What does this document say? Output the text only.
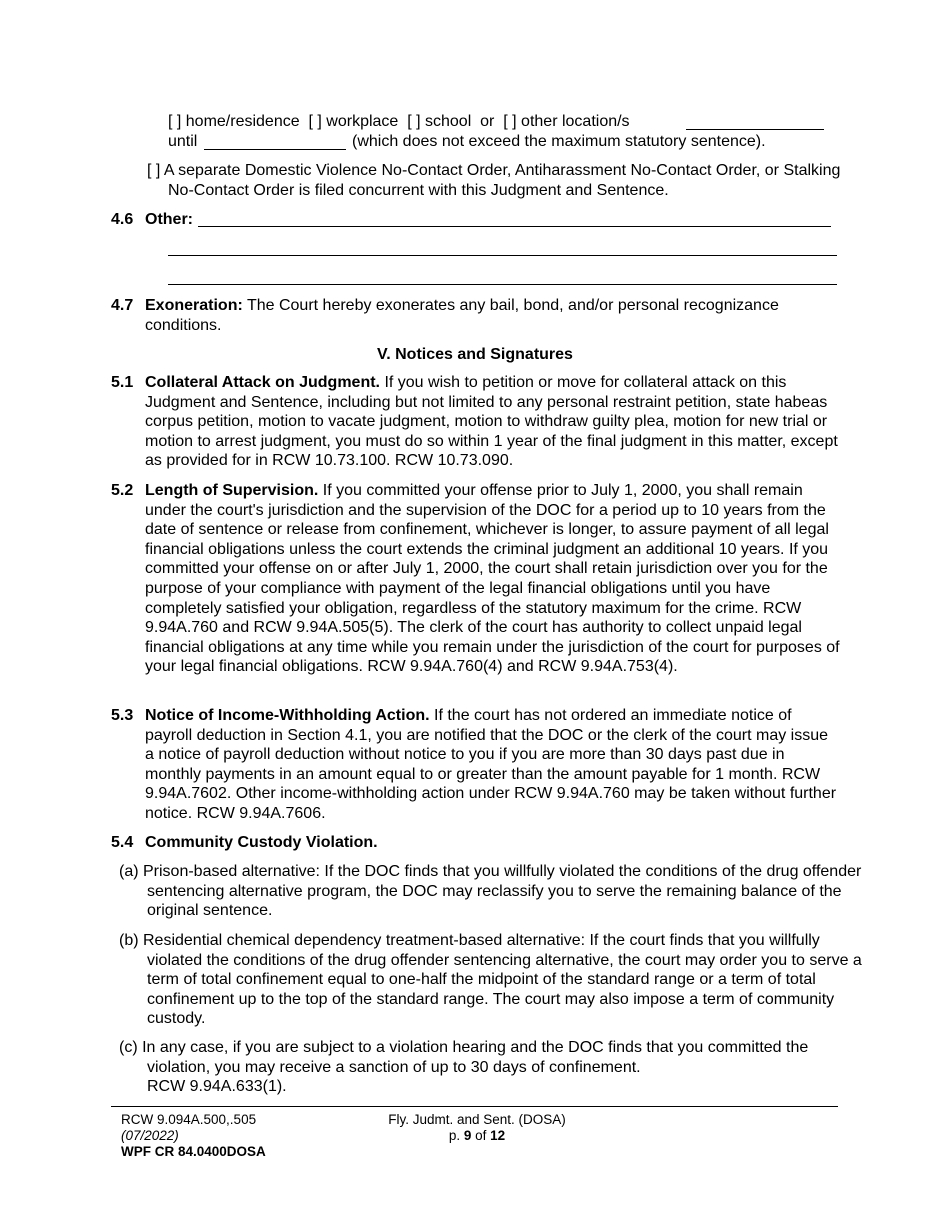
[ ] home/residence [ ] workplace [ ] school or [ ] other location/s
until	(which does not exceed the maximum statutory sentence).
[ ] A separate Domestic Violence No-Contact Order, Antiharassment No-Contact Order, or Stalking No-Contact Order is filed concurrent with this Judgment and Sentence.
4.6 Other:
4.7 Exoneration: The Court hereby exonerates any bail, bond, and/or personal recognizance conditions.
V. Notices and Signatures
5.1 Collateral Attack on Judgment. If you wish to petition or move for collateral attack on this Judgment and Sentence, including but not limited to any personal restraint petition, state habeas corpus petition, motion to vacate judgment, motion to withdraw guilty plea, motion for new trial or motion to arrest judgment, you must do so within 1 year of the final judgment in this matter, except as provided for in RCW 10.73.100. RCW 10.73.090.
5.2 Length of Supervision. If you committed your offense prior to July 1, 2000, you shall remain under the court's jurisdiction and the supervision of the DOC for a period up to 10 years from the date of sentence or release from confinement, whichever is longer, to assure payment of all legal financial obligations unless the court extends the criminal judgment an additional 10 years. If you committed your offense on or after July 1, 2000, the court shall retain jurisdiction over you for the purpose of your compliance with payment of the legal financial obligations until you have completely satisfied your obligation, regardless of the statutory maximum for the crime. RCW 9.94A.760 and RCW 9.94A.505(5). The clerk of the court has authority to collect unpaid legal financial obligations at any time while you remain under the jurisdiction of the court for purposes of your legal financial obligations. RCW 9.94A.760(4) and RCW 9.94A.753(4).
5.3 Notice of Income-Withholding Action. If the court has not ordered an immediate notice of payroll deduction in Section 4.1, you are notified that the DOC or the clerk of the court may issue a notice of payroll deduction without notice to you if you are more than 30 days past due in monthly payments in an amount equal to or greater than the amount payable for 1 month. RCW 9.94A.7602. Other income-withholding action under RCW 9.94A.760 may be taken without further notice. RCW 9.94A.7606.
5.4 Community Custody Violation.
(a) Prison-based alternative: If the DOC finds that you willfully violated the conditions of the drug offender sentencing alternative program, the DOC may reclassify you to serve the remaining balance of the original sentence.
(b) Residential chemical dependency treatment-based alternative: If the court finds that you willfully violated the conditions of the drug offender sentencing alternative, the court may order you to serve a term of total confinement equal to one-half the midpoint of the standard range or a term of total confinement up to the top of the standard range. The court may also impose a term of community custody.
(c) In any case, if you are subject to a violation hearing and the DOC finds that you committed the violation, you may receive a sanction of up to 30 days of confinement.
RCW 9.94A.633(1).
RCW 9.094A.500,.505
(07/2022)
WPF CR 84.0400DOSA
Fly. Judmt. and Sent. (DOSA)
p. 9 of 12
